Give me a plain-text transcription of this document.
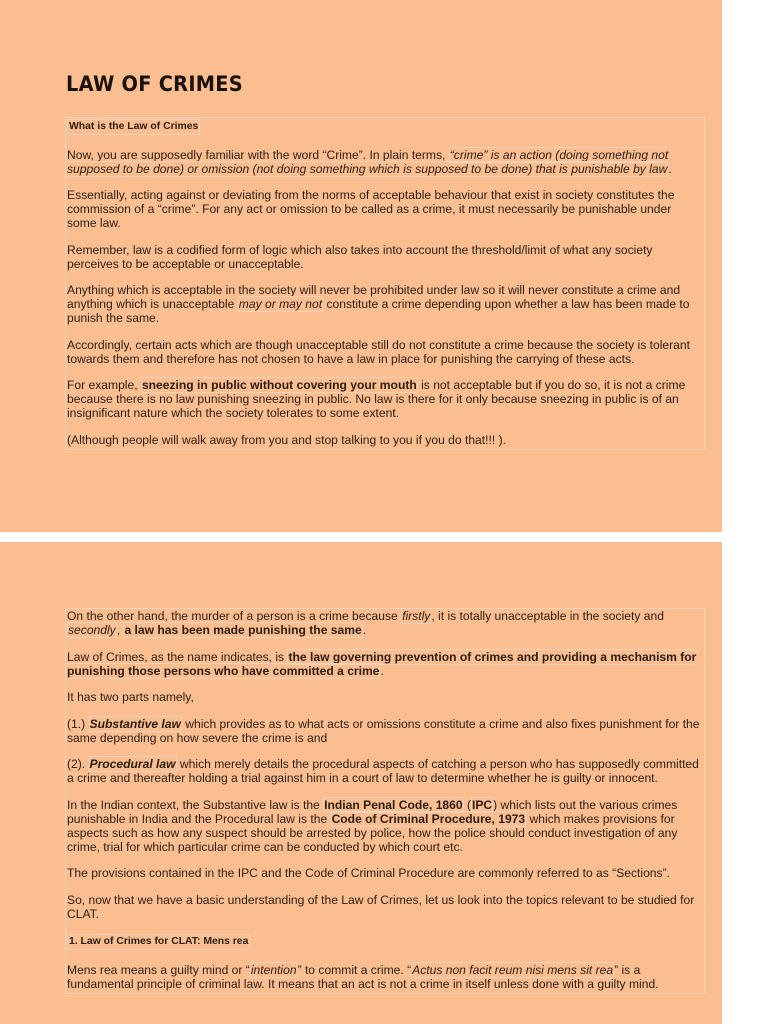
LAW OF CRIMES

What is the Law of Crimes

Now, you are supposedly familiar with the word “Crime”. In plain terms, “crime” is an action (doing something not supposed to be done) or omission (not doing something which is supposed to be done) that is punishable by law.

Essentially, acting against or deviating from the norms of acceptable behaviour that exist in society constitutes the commission of a “crime”. For any act or omission to be called as a crime, it must necessarily be punishable under some law.

Remember, law is a codified form of logic which also takes into account the threshold/limit of what any society perceives to be acceptable or unacceptable.

Anything which is acceptable in the society will never be prohibited under law so it will never constitute a crime and anything which is unacceptable may or may not constitute a crime depending upon whether a law has been made to punish the same.

Accordingly, certain acts which are though unacceptable still do not constitute a crime because the society is tolerant towards them and therefore has not chosen to have a law in place for punishing the carrying of these acts.

For example, sneezing in public without covering your mouth is not acceptable but if you do so, it is not a crime because there is no law punishing sneezing in public. No law is there for it only because sneezing in public is of an insignificant nature which the society tolerates to some extent.

(Although people will walk away from you and stop talking to you if you do that!!! ).

On the other hand, the murder of a person is a crime because firstly, it is totally unacceptable in the society and secondly, a law has been made punishing the same.

Law of Crimes, as the name indicates, is the law governing prevention of crimes and providing a mechanism for punishing those persons who have committed a crime.

It has two parts namely,

(1.) Substantive law which provides as to what acts or omissions constitute a crime and also fixes punishment for the same depending on how severe the crime is and

(2). Procedural law which merely details the procedural aspects of catching a person who has supposedly committed a crime and thereafter holding a trial against him in a court of law to determine whether he is guilty or innocent.

In the Indian context, the Substantive law is the Indian Penal Code, 1860 (IPC) which lists out the various crimes punishable in India and the Procedural law is the Code of Criminal Procedure, 1973 which makes provisions for aspects such as how any suspect should be arrested by police, how the police should conduct investigation of any crime, trial for which particular crime can be conducted by which court etc.

The provisions contained in the IPC and the Code of Criminal Procedure are commonly referred to as “Sections”.

So, now that we have a basic understanding of the Law of Crimes, let us look into the topics relevant to be studied for CLAT.

1. Law of Crimes for CLAT: Mens rea

Mens rea means a guilty mind or “intention” to commit a crime. “Actus non facit reum nisi mens sit rea” is a fundamental principle of criminal law. It means that an act is not a crime in itself unless done with a guilty mind.
